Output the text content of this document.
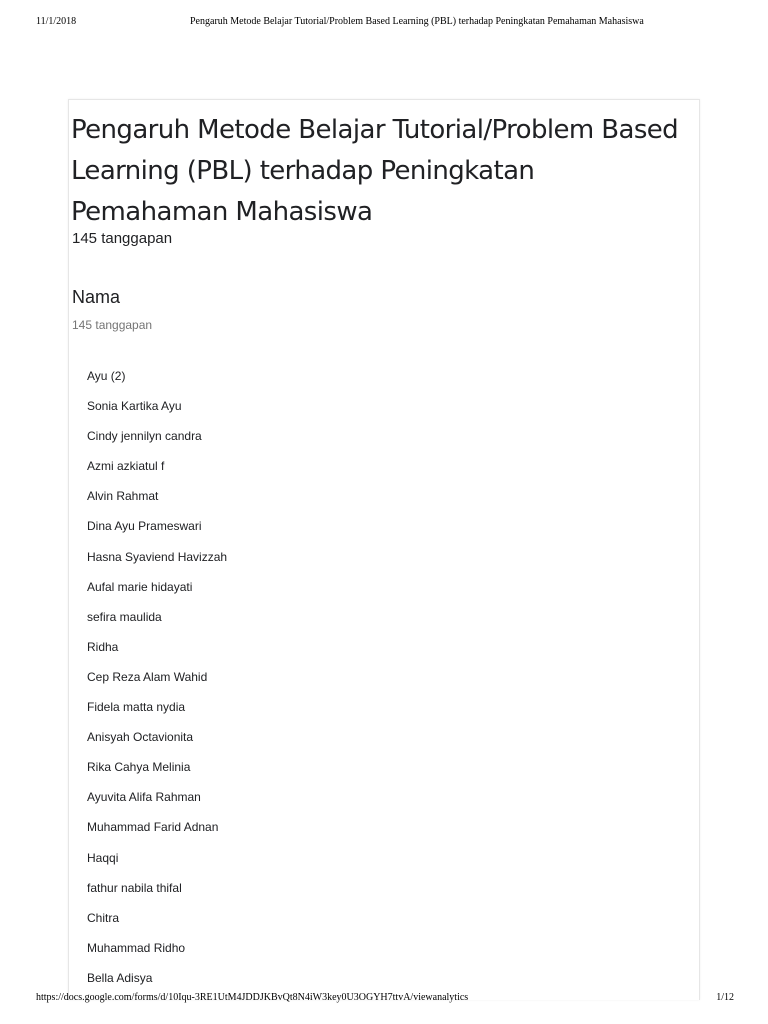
11/1/2018	Pengaruh Metode Belajar Tutorial/Problem Based Learning (PBL) terhadap Peningkatan Pemahaman Mahasiswa
Pengaruh Metode Belajar Tutorial/Problem Based Learning (PBL) terhadap Peningkatan Pemahaman Mahasiswa
145 tanggapan
Nama
145 tanggapan
Ayu (2)
Sonia Kartika Ayu
Cindy jennilyn candra
Azmi azkiatul f
Alvin Rahmat
Dina Ayu Prameswari
Hasna Syaviend Havizzah
Aufal marie hidayati
sefira maulida
Ridha
Cep Reza Alam Wahid
Fidela matta nydia
Anisyah Octavionita
Rika Cahya Melinia
Ayuvita Alifa Rahman
Muhammad Farid Adnan
Haqqi
fathur nabila thifal
Chitra
Muhammad Ridho
Bella Adisya
https://docs.google.com/forms/d/10Iqu-3RE1UtM4JDDJKBvQt8N4iW3key0U3OGYH7ttvA/viewanalytics	1/12
